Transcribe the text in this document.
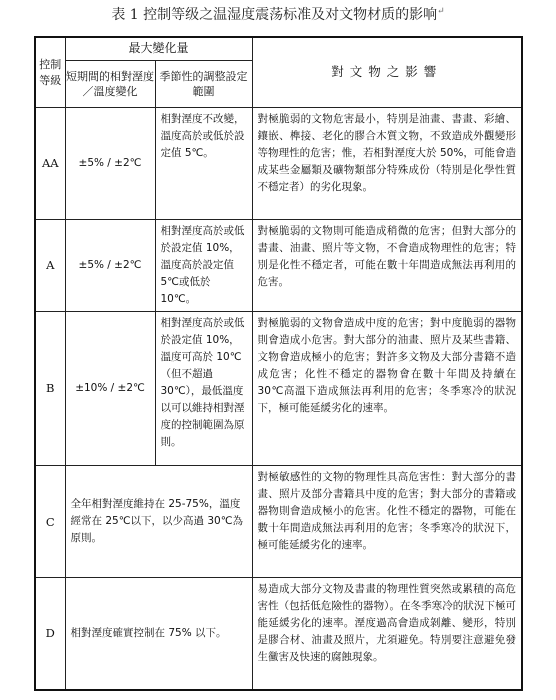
表 1 控制等级之温湿度震荡标准及对文物材质的影响↵
控制等級	最大變化量		對文物之影響
	短期間的相對溼度／溫度變化	季節性的調整設定範圍	
AA	±5% / ±2℃	相對溼度不改變，溫度高於或低於設定值 5℃。	對極脆弱的文物危害最小，特別是油畫、書畫、彩繪、鑲嵌、榫接、老化的膠合木質文物，不致造成外觀變形等物理性的危害；惟，若相對溼度大於 50%，可能會造成某些金屬類及礦物類部分特殊成份（特別是化學性質不穩定者）的劣化現象。
A	±5% / ±2℃	相對溼度高於或低於設定值 10%，溫度高於設定值 5℃或低於 10℃。	對極脆弱的文物則可能造成稍微的危害；但對大部分的書畫、油畫、照片等文物，不會造成物理性的危害；特別是化性不穩定者，可能在數十年間造成無法再利用的危害。
B	±10% / ±2℃	相對溼度高於或低於設定值 10%，溫度可高於 10℃（但不超過 30℃），最低溫度以可以維持相對溼度的控制範圍為原則。	對極脆弱的文物會造成中度的危害；對中度脆弱的器物則會造成小危害。對大部分的油畫、照片及某些書籍、文物會造成極小的危害；對許多文物及大部分書籍不造成危害；化性不穩定的器物會在數十年間及持續在 30℃高溫下造成無法再利用的危害；冬季寒冷的狀況下，極可能延緩劣化的速率。
C	全年相對溼度維持在 25-75%，溫度經常在 25℃以下，以少高過 30℃為原則。		對極敏感性的文物的物理性具高危害性：對大部分的書畫、照片及部分書籍具中度的危害；對大部分的書籍或器物則會造成極小的危害。化性不穩定的器物，可能在數十年間造成無法再利用的危害；冬季寒冷的狀況下，極可能延緩劣化的速率。
D	相對溼度確實控制在 75% 以下。		易造成大部分文物及書畫的物理性質突然或累積的高危害性（包括低危險性的器物）。在冬季寒冷的狀況下極可能延緩劣化的速率。溼度過高會造成剝離、變形，特別是膠合材、油畫及照片，尤須避免。特別要注意避免發生黴害及快速的腐蝕現象。
